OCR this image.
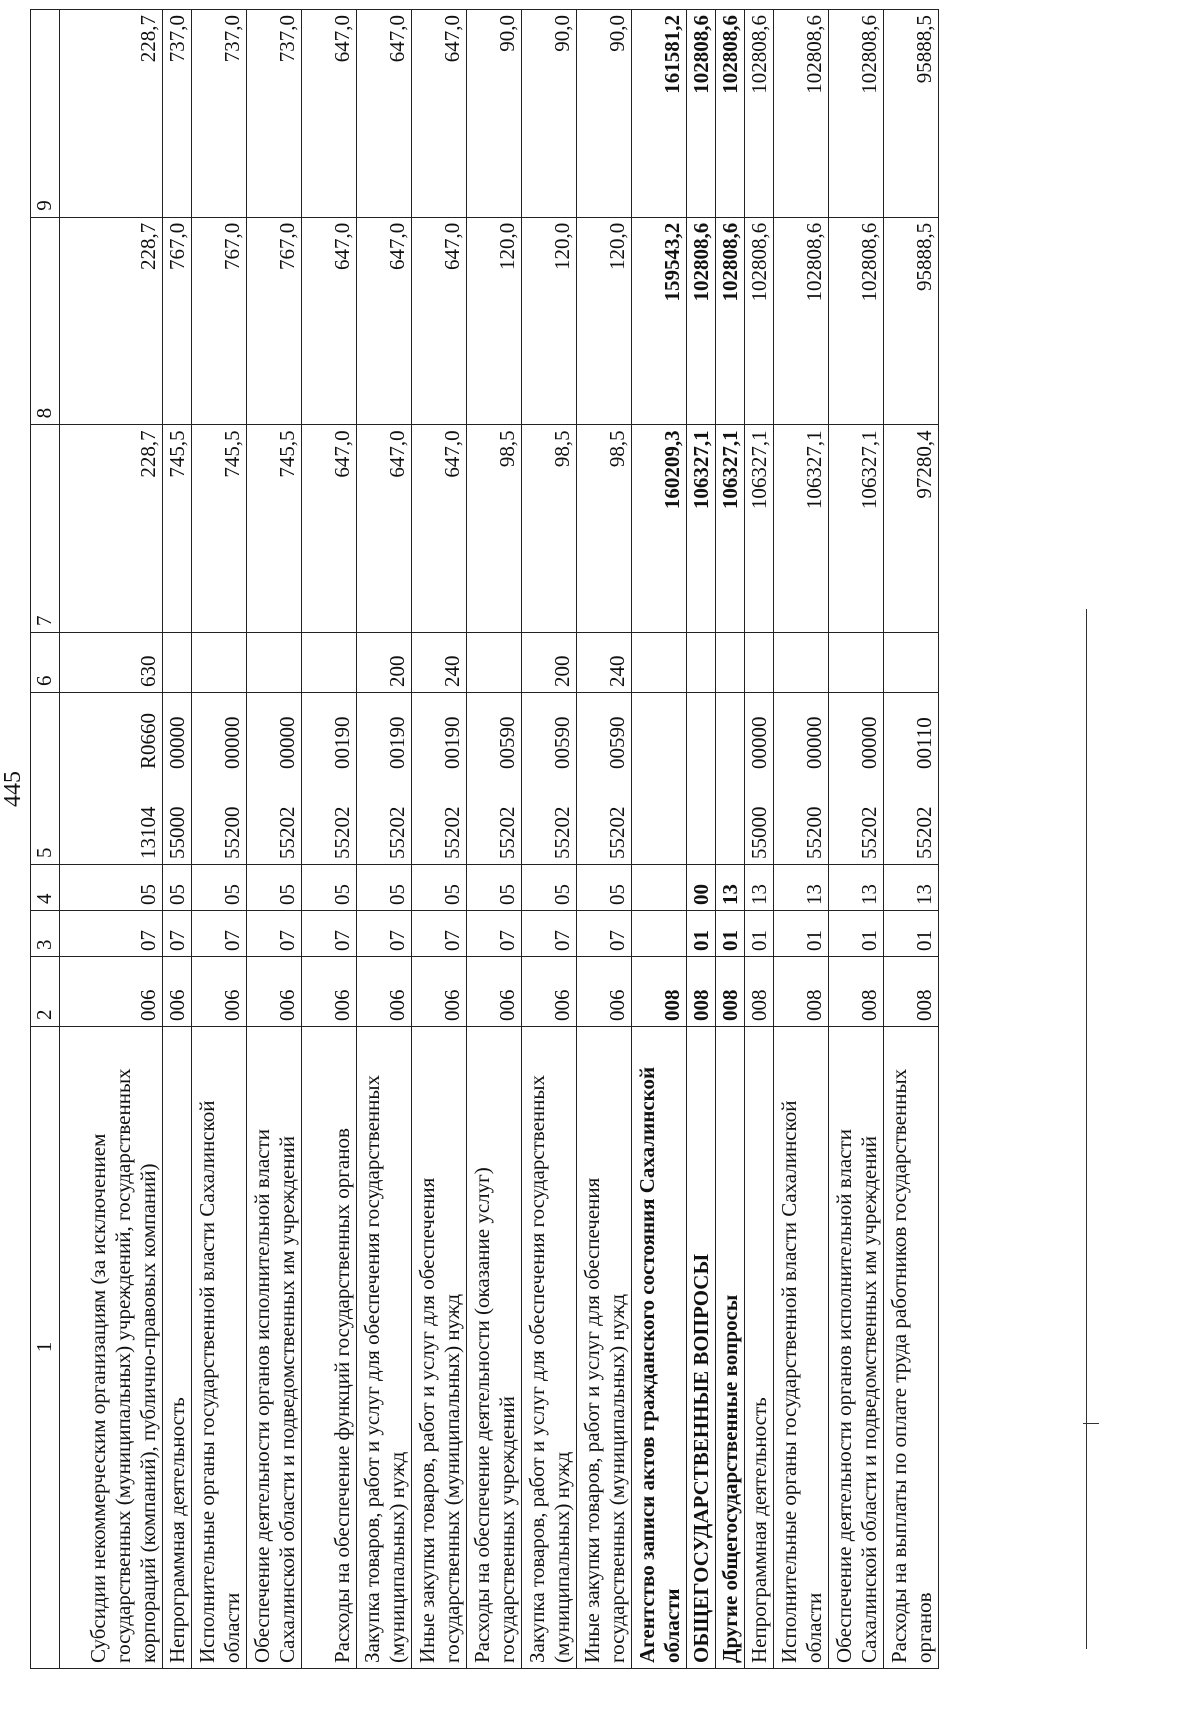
445
1	2	3	4	5	6	7	8	9
Субсидии некоммерческим организациям (за исключением государственных (муниципальных) учреждений, государственных корпораций (компаний), публично-правовых компаний)	006	07	05	13104R0660	630	228,7	228,7	228,7
Непрограммная деятельность	006	07	05	5500000000		745,5	767,0	737,0
Исполнительные органы государственной власти Сахалинской области	006	07	05	5520000000		745,5	767,0	737,0
Обеспечение деятельности органов исполнительной власти Сахалинской области и подведомственных им учреждений	006	07	05	5520200000		745,5	767,0	737,0
Расходы на обеспечение функций государственных органов	006	07	05	5520200190		647,0	647,0	647,0
Закупка товаров, работ и услуг для обеспечения государственных (муниципальных) нужд	006	07	05	5520200190	200	647,0	647,0	647,0
Иные закупки товаров, работ и услуг для обеспечения государственных (муниципальных) нужд	006	07	05	5520200190	240	647,0	647,0	647,0
Расходы на обеспечение деятельности (оказание услуг) государственных учреждений	006	07	05	5520200590		98,5	120,0	90,0
Закупка товаров, работ и услуг для обеспечения государственных (муниципальных) нужд	006	07	05	5520200590	200	98,5	120,0	90,0
Иные закупки товаров, работ и услуг для обеспечения государственных (муниципальных) нужд	006	07	05	5520200590	240	98,5	120,0	90,0
Агентство записи актов гражданского состояния Сахалинской области	008					160209,3	159543,2	161581,2
ОБЩЕГОСУДАРСТВЕННЫЕ ВОПРОСЫ	008	01	00			106327,1	102808,6	102808,6
Другие общегосударственные вопросы	008	01	13			106327,1	102808,6	102808,6
Непрограммная деятельность	008	01	13	5500000000		106327,1	102808,6	102808,6
Исполнительные органы государственной власти Сахалинской области	008	01	13	5520000000		106327,1	102808,6	102808,6
Обеспечение деятельности органов исполнительной власти Сахалинской области и подведомственных им учреждений	008	01	13	5520200000		106327,1	102808,6	102808,6
Расходы на выплаты по оплате труда работников государственных органов	008	01	13	5520200110		97280,4	95888,5	95888,5
